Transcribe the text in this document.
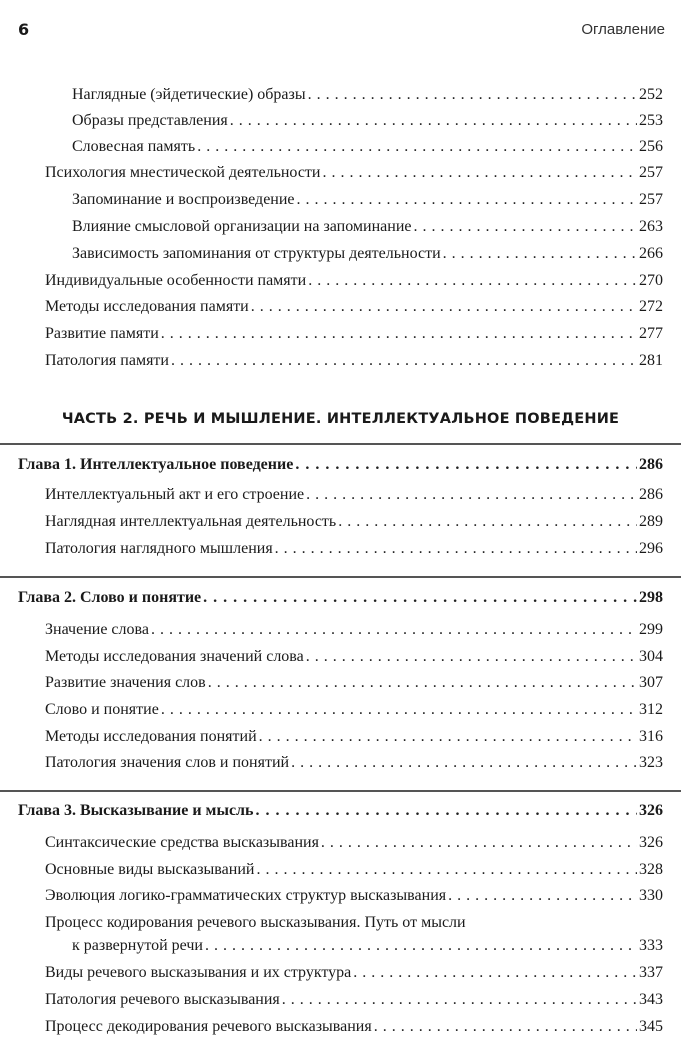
6	Оглавление
Наглядные (эйдетические) образы . . .	252
Образы представления . . .	253
Словесная память . . .	256
Психология мнестической деятельности . . .	257
Запоминание и воспроизведение . . .	257
Влияние смысловой организации на запоминание . . .	263
Зависимость запоминания от структуры деятельности . . .	266
Индивидуальные особенности памяти . . .	270
Методы исследования памяти . . .	272
Развитие памяти . . .	277
Патология памяти . . .	281
ЧАСТЬ 2. РЕЧЬ И МЫШЛЕНИЕ. ИНТЕЛЛЕКТУАЛЬНОЕ ПОВЕДЕНИЕ
Глава 1. Интеллектуальное поведение . . .	286
Интеллектуальный акт и его строение . . .	286
Наглядная интеллектуальная деятельность . . .	289
Патология наглядного мышления . . .	296
Глава 2. Слово и понятие . . .	298
Значение слова . . .	299
Методы исследования значений слова . . .	304
Развитие значения слов . . .	307
Слово и понятие . . .	312
Методы исследования понятий . . .	316
Патология значения слов и понятий . . .	323
Глава 3. Высказывание и мысль . . .	326
Синтаксические средства высказывания . . .	326
Основные виды высказываний . . .	328
Эволюция логико-грамматических структур высказывания . . .	330
Процесс кодирования речевого высказывания. Путь от мысли
к развернутой речи . . .	333
Виды речевого высказывания и их структура . . .	337
Патология речевого высказывания . . .	343
Процесс декодирования речевого высказывания . . .	345
